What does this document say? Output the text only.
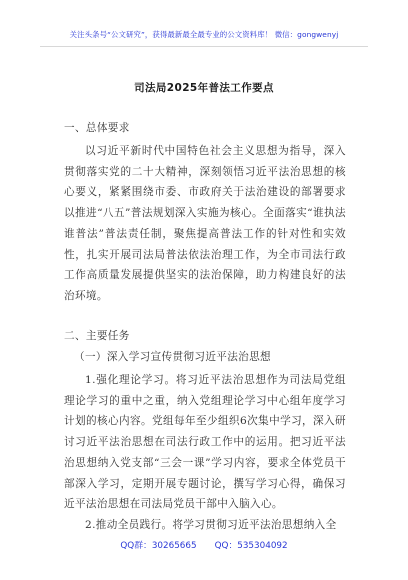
关注头条号“公文研究”，获得最新最全最专业的公文资料库！ 微信：gongwenyj
司法局2025年普法工作要点
一、总体要求

以习近平新时代中国特色社会主义思想为指导，深入贯彻落实党的二十大精神，深刻领悟习近平法治思想的核心要义，紧紧围绕市委、市政府关于法治建设的部署要求以推进“八五”普法规划深入实施为核心。全面落实“谁执法谁普法”普法责任制，聚焦提高普法工作的针对性和实效性，扎实开展司法局普法依法治理工作，为全市司法行政工作高质量发展提供坚实的法治保障，助力构建良好的法治环境。

二、主要任务
（一）深入学习宣传贯彻习近平法治思想

1.强化理论学习。将习近平法治思想作为司法局党组理论学习的重中之重，纳入党组理论学习中心组年度学习计划的核心内容。党组每年至少组织6次集中学习，深入研讨习近平法治思想在司法行政工作中的运用。把习近平法治思想纳入党支部“三会一课”学习内容，要求全体党员干部深入学习，定期开展专题讨论，撰写学习心得，确保习近平法治思想在司法局党员干部中入脑入心。

2.推动全员践行。将学习贯彻习近平法治思想纳入全

QQ群：30265665 QQ：535304092
